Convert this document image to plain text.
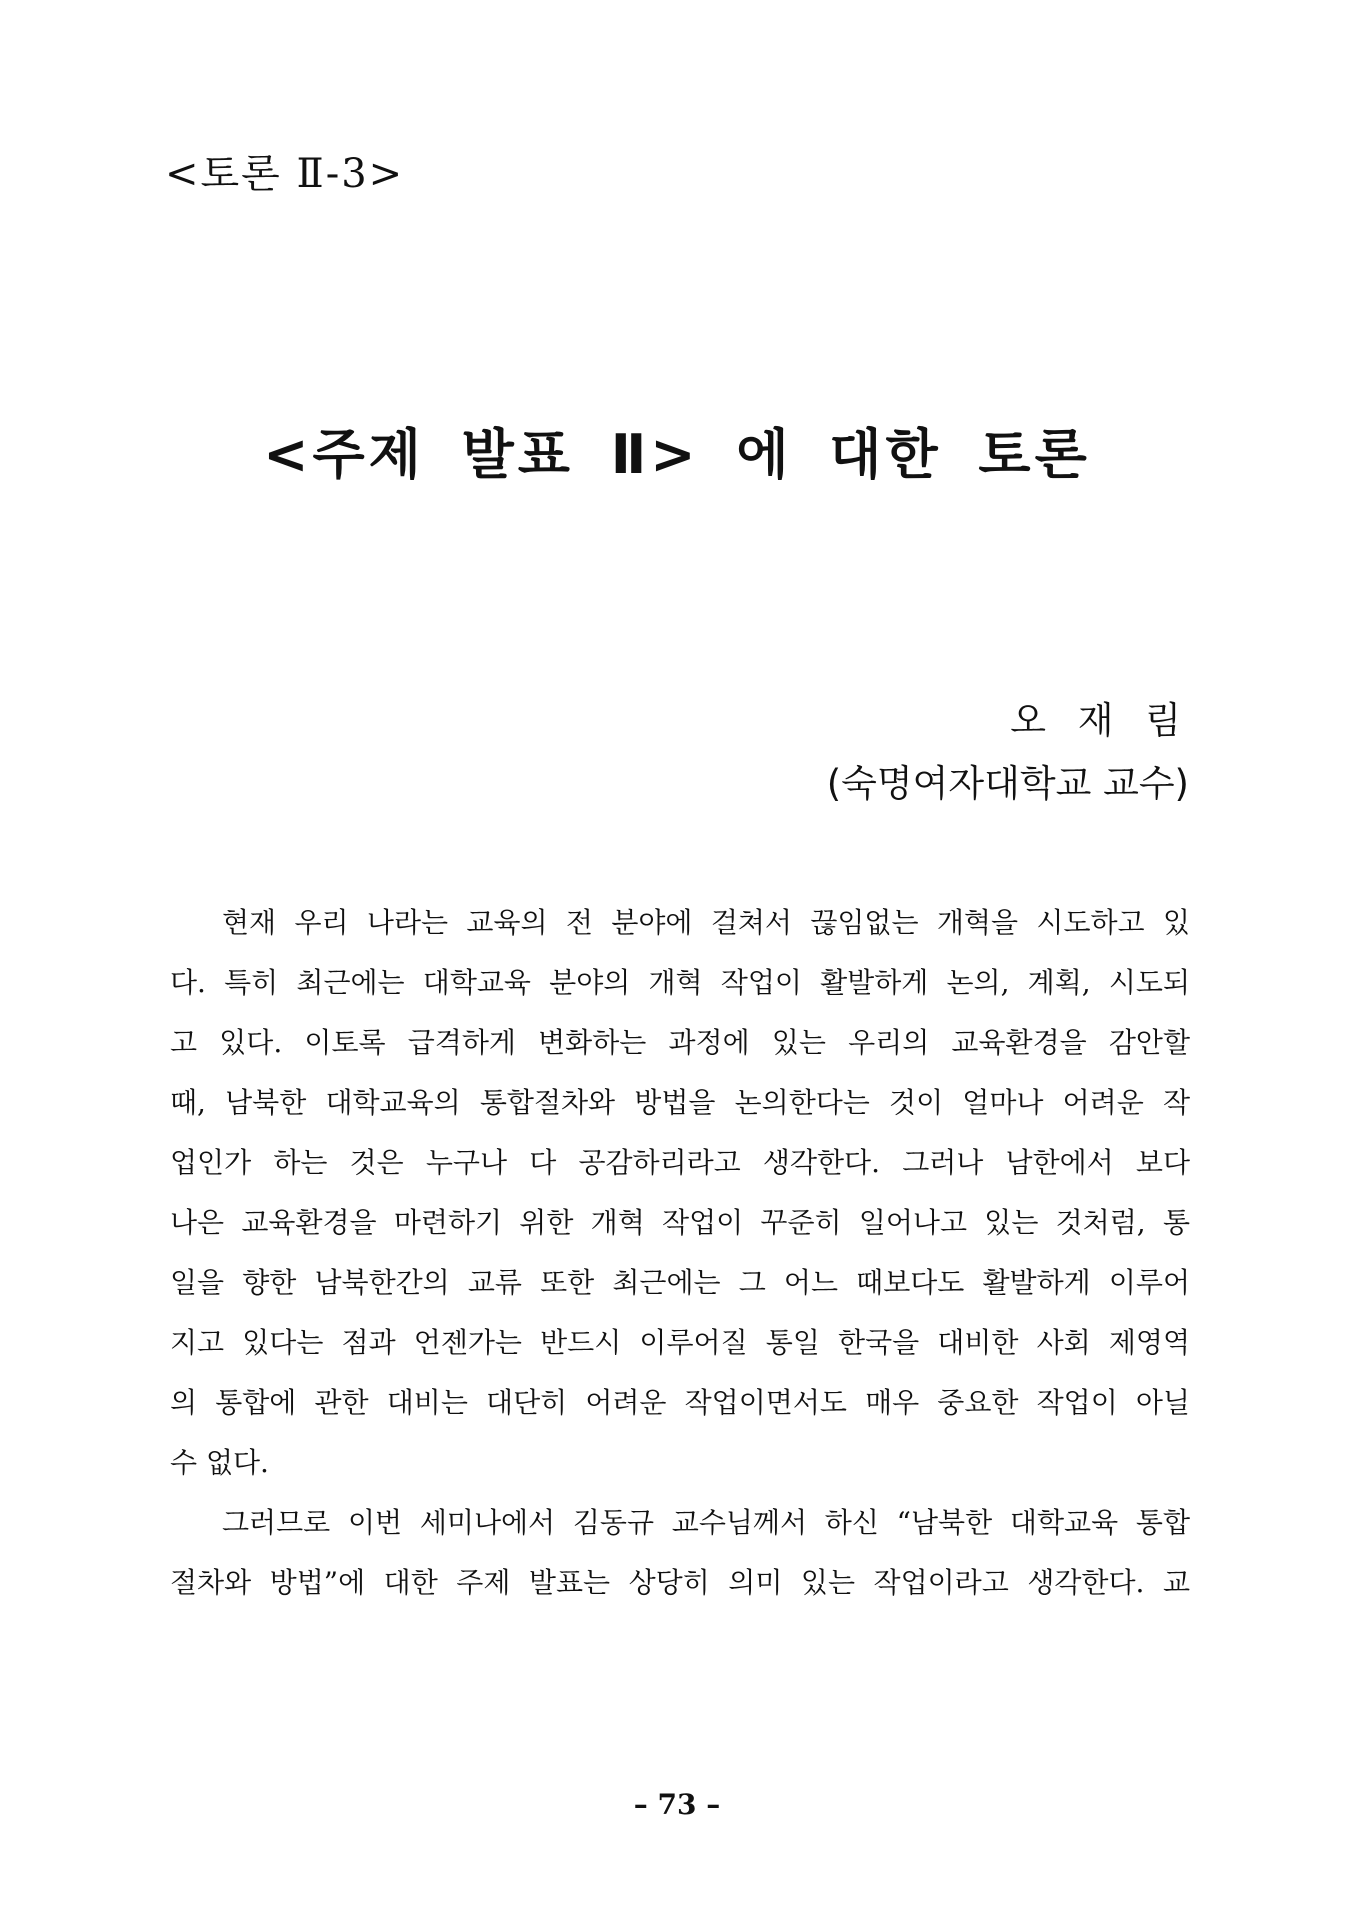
<토론 Ⅱ-3>
<주제 발표 Ⅱ> 에 대한 토론
오 재 림
(숙명여자대학교 교수)
현재 우리 나라는 교육의 전 분야에 걸쳐서 끊임없는 개혁을 시도하고 있
다. 특히 최근에는 대학교육 분야의 개혁 작업이 활발하게 논의, 계획, 시도되
고 있다. 이토록 급격하게 변화하는 과정에 있는 우리의 교육환경을 감안할
때, 남북한 대학교육의 통합절차와 방법을 논의한다는 것이 얼마나 어려운 작
업인가 하는 것은 누구나 다 공감하리라고 생각한다. 그러나 남한에서 보다
나은 교육환경을 마련하기 위한 개혁 작업이 꾸준히 일어나고 있는 것처럼, 통
일을 향한 남북한간의 교류 또한 최근에는 그 어느 때보다도 활발하게 이루어
지고 있다는 점과 언젠가는 반드시 이루어질 통일 한국을 대비한 사회 제영역
의 통합에 관한 대비는 대단히 어려운 작업이면서도 매우 중요한 작업이 아닐
수 없다.
그러므로 이번 세미나에서 김동규 교수님께서 하신 “남북한 대학교육 통합
절차와 방법”에 대한 주제 발표는 상당히 의미 있는 작업이라고 생각한다. 교
– 73 –
